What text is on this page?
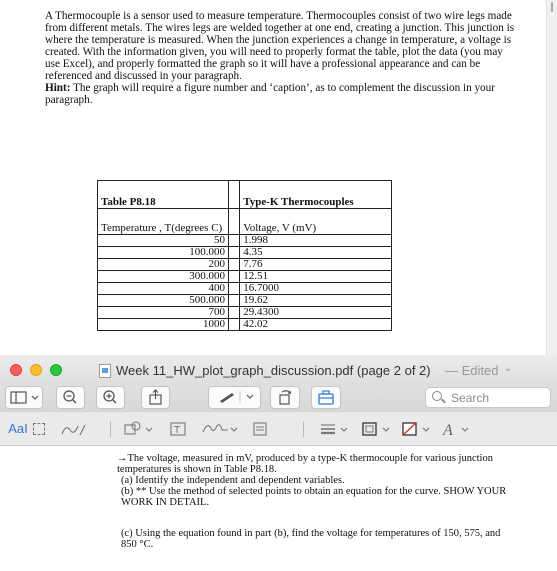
A Thermocouple is a sensor used to measure temperature. Thermocouples consist of two wire legs made from different metals. The wires legs are welded together at one end, creating a junction. This junction is where the temperature is measured. When the junction experiences a change in temperature, a voltage is created. With the information given, you will need to properly format the table, plot the data (you may use Excel), and properly formatted the graph so it will have a professional appearance and can be referenced and discussed in your paragraph.
Hint: The graph will require a figure number and ‘caption’, as to complement the discussion in your paragraph.
Table P8.18		Type-K Thermocouples
Temperature , T(degrees C)		Voltage, V (mV)
50		1.998
100.000		4.35
200		7.76
300.000		12.51
400		16.7000
500.000		19.62
700		29.4300
1000		42.02
Week 11_HW_plot_graph_discussion.pdf (page 2 of 2) — Edited ⌄
Search
AaI	T	A
→The voltage, measured in mV, produced by a type-K thermocouple for various junction temperatures is shown in Table P8.18.
(a) Identify the independent and dependent variables.
(b) ** Use the method of selected points to obtain an equation for the curve. SHOW YOUR WORK IN DETAIL.
(c) Using the equation found in part (b), find the voltage for temperatures of 150, 575, and 850 °C.
